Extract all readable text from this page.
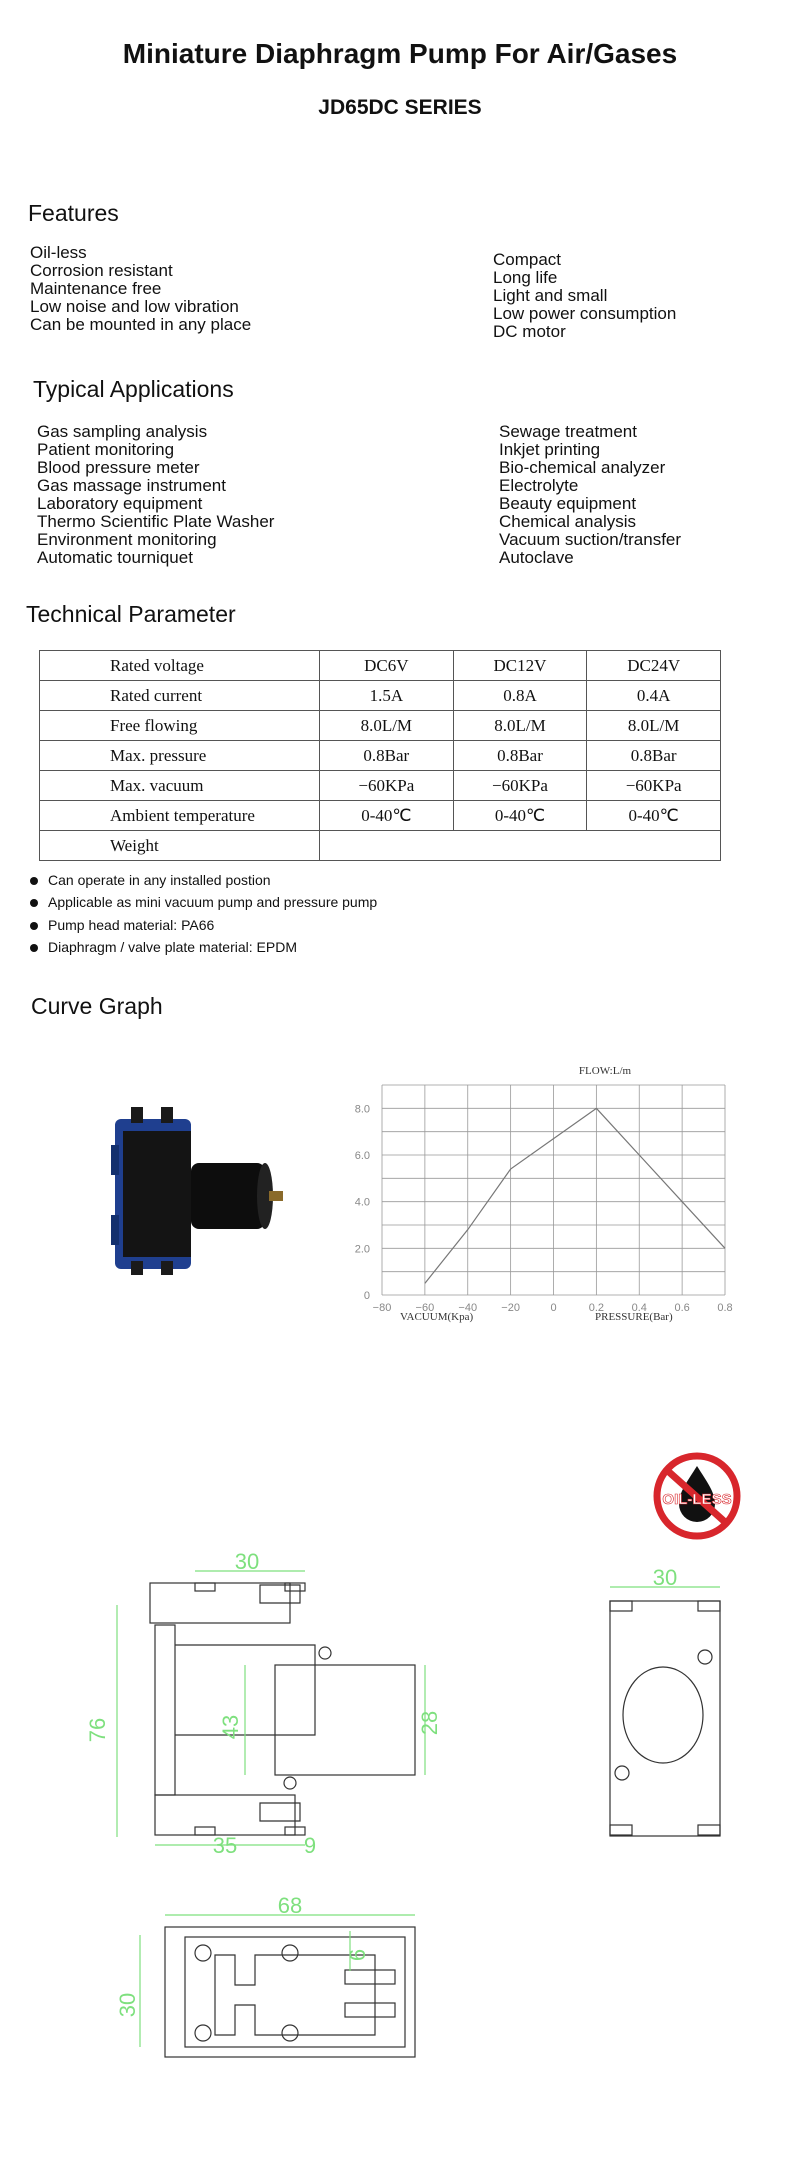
Miniature Diaphragm Pump For Air/Gases
JD65DC SERIES
Features
Oil-less
Corrosion resistant
Maintenance free
Low noise and low vibration
Can be mounted in any place
Compact
Long life
Light and small
Low power consumption
DC motor
Typical Applications
Gas sampling analysis
Patient monitoring
Blood pressure meter
Gas massage instrument
Laboratory equipment
Thermo Scientific Plate Washer
Environment monitoring
Automatic tourniquet
Sewage treatment
Inkjet printing
Bio-chemical analyzer
Electrolyte
Beauty equipment
Chemical analysis
Vacuum suction/transfer
Autoclave
Technical Parameter
Rated voltage	DC6V	DC12V	DC24V
Rated current	1.5A	0.8A	0.4A
Free flowing	8.0L/M	8.0L/M	8.0L/M
Max. pressure	0.8Bar	0.8Bar	0.8Bar
Max. vacuum	−60KPa	−60KPa	−60KPa
Ambient temperature	0-40℃	0-40℃	0-40℃
Weight			
Can operate in any installed postion
Applicable as mini vacuum pump and pressure pump
Pump head material: PA66
Diaphragm / valve plate material: EPDM
Curve Graph
FLOW:L/m
0
2.0
4.0
6.0
8.0
−80 −60 −40 −20	0	0.2	0.4	0.6	0.8
VACUUM(Kpa)	PRESSURE(Bar)
OIL-LESS
30
76	43	28
35	9
30
68
30
6
